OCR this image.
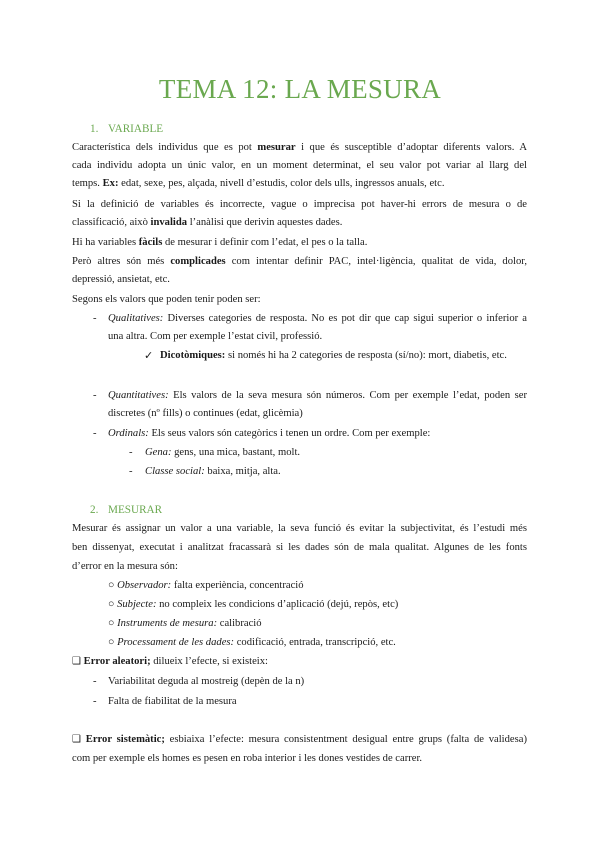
TEMA 12: LA MESURA
1. VARIABLE
Característica dels individus que es pot mesurar i que és susceptible d’adoptar diferents valors. A
cada individu adopta un únic valor, en un moment determinat, el seu valor pot variar al llarg del
temps. Ex: edat, sexe, pes, alçada, nivell d’estudis, color dels ulls, ingressos anuals, etc.
Si la definició de variables és incorrecte, vague o imprecisa pot haver-hi errors de mesura o de
classificació, això invalida l’anàlisi que derivin aquestes dades.
Hi ha variables fàcils de mesurar i definir com l’edat, el pes o la talla.
Però altres són més complicades com intentar definir PAC, intel·ligència, qualitat de vida, dolor,
depressió, ansietat, etc.
Segons els valors que poden tenir poden ser:
- Qualitatives: Diverses categories de resposta. No es pot dir que cap sigui superior o inferior a
una altra. Com per exemple l’estat civil, professió.
✓ Dicotòmiques: si només hi ha 2 categories de resposta (sí/no): mort, diabetis, etc.
- Quantitatives: Els valors de la seva mesura són números. Com per exemple l’edat, poden ser
discretes (nº fills) o continues (edat, glicèmia)
- Ordinals: Els seus valors són categòrics i tenen un ordre. Com per exemple:
- Gena: gens, una mica, bastant, molt.
- Classe social: baixa, mitja, alta.
2. MESURAR
Mesurar és assignar un valor a una variable, la seva funció és evitar la subjectivitat, és l’estudi més
ben dissenyat, executat i analitzat fracassarà si les dades són de mala qualitat. Algunes de les fonts
d’error en la mesura són:
○ Observador: falta experiència, concentració
○ Subjecte: no compleix les condicions d’aplicació (dejú, repòs, etc)
○ Instruments de mesura: calibració
○ Processament de les dades: codificació, entrada, transcripció, etc.
❑ Error aleatori; dilueix l’efecte, si existeix:
- Variabilitat deguda al mostreig (depèn de la n)
- Falta de fiabilitat de la mesura
❑ Error sistemàtic; esbiaixa l’efecte: mesura consistentment desigual entre grups (falta de validesa)
com per exemple els homes es pesen en roba interior i les dones vestides de carrer.
